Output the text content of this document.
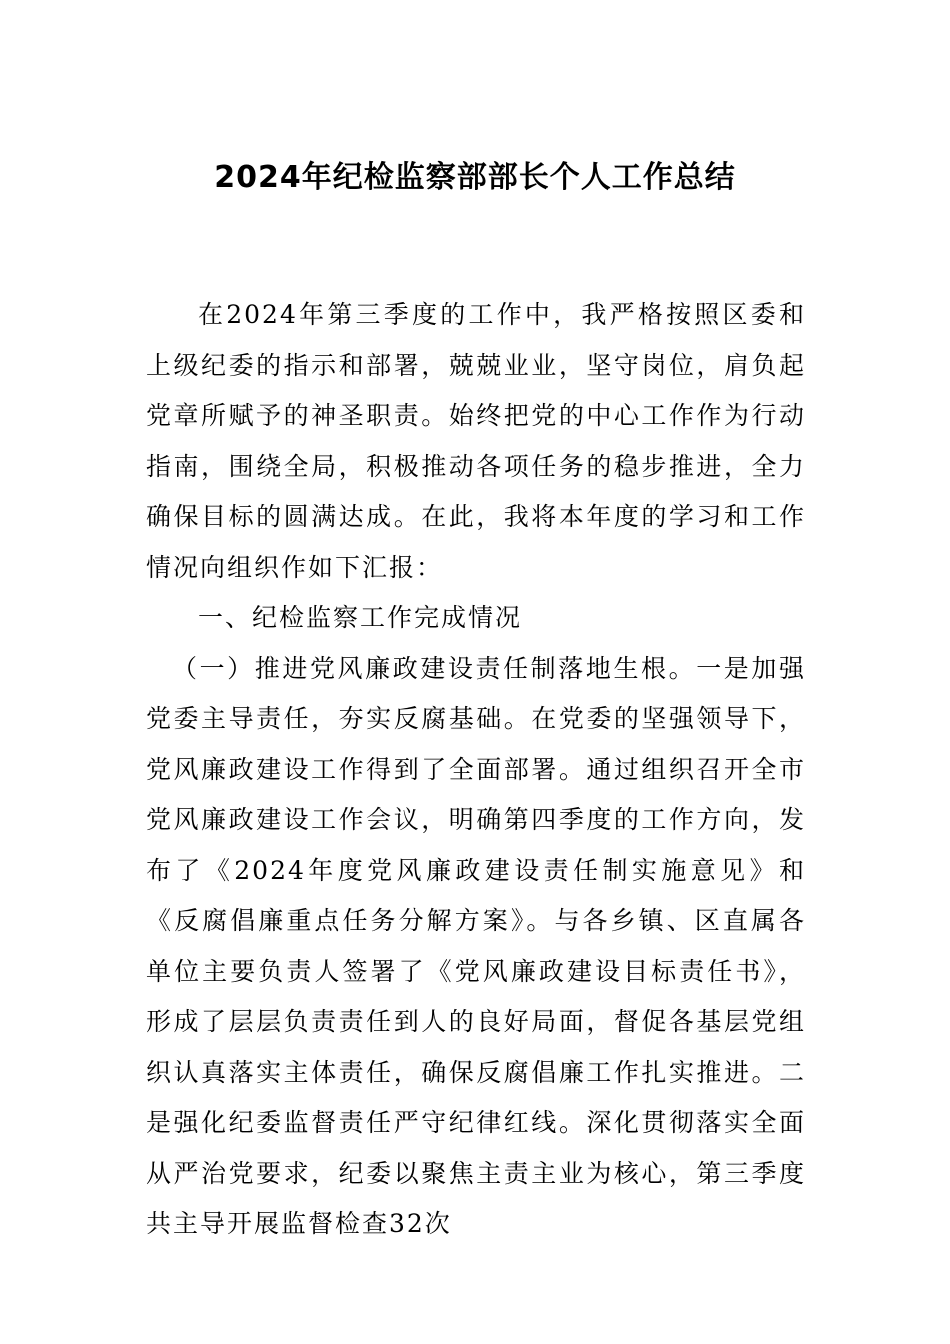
2024年纪检监察部部长个人工作总结

在2024年第三季度的工作中，我严格按照区委和上级纪委的指示和部署，兢兢业业，坚守岗位，肩负起党章所赋予的神圣职责。始终把党的中心工作作为行动指南，围绕全局，积极推动各项任务的稳步推进，全力确保目标的圆满达成。在此，我将本年度的学习和工作情况向组织作如下汇报：

一、纪检监察工作完成情况

（一）推进党风廉政建设责任制落地生根。一是加强党委主导责任，夯实反腐基础。在党委的坚强领导下，党风廉政建设工作得到了全面部署。通过组织召开全市党风廉政建设工作会议，明确第四季度的工作方向，发布了《2024年度党风廉政建设责任制实施意见》和《反腐倡廉重点任务分解方案》。与各乡镇、区直属各单位主要负责人签署了《党风廉政建设目标责任书》，形成了层层负责责任到人的良好局面，督促各基层党组织认真落实主体责任，确保反腐倡廉工作扎实推进。二是强化纪委监督责任严守纪律红线。深化贯彻落实全面从严治党要求，纪委以聚焦主责主业为核心，第三季度共主导开展监督检查32次
